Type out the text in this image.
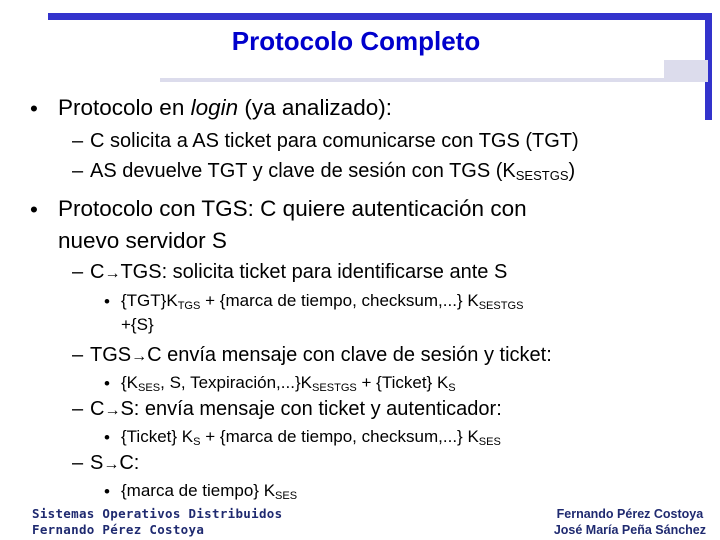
Protocolo Completo
• Protocolo en login (ya analizado):
– C solicita a AS ticket para comunicarse con TGS (TGT)
– AS devuelve TGT y clave de sesión con TGS $(K_{SESTGS})$
• Protocolo con TGS: C quiere autenticación con
nuevo servidor S
– C→TGS: solicita ticket para identificarse ante S
• $\{TGT\}K_{TGS}$ + {marca de tiempo, checksum,...} $K_{SESTGS}$
+{S}
– TGS→C envía mensaje con clave de sesión y ticket:
• {$K_{SES}$, S, $Texpiración,...\}K_{SESTGS}$ + {Ticket} $K_S$
– C→S: envía mensaje con ticket y autenticador:
• {Ticket} $K_S$ + {marca de tiempo, checksum,...} $K_{SES}$
– S→C:
• {marca de tiempo} $K_{SES}$
Sistemas Operativos Distribuidos
Fernando Pérez Costoya
Fernando Pérez Costoya
José María Peña Sánchez
